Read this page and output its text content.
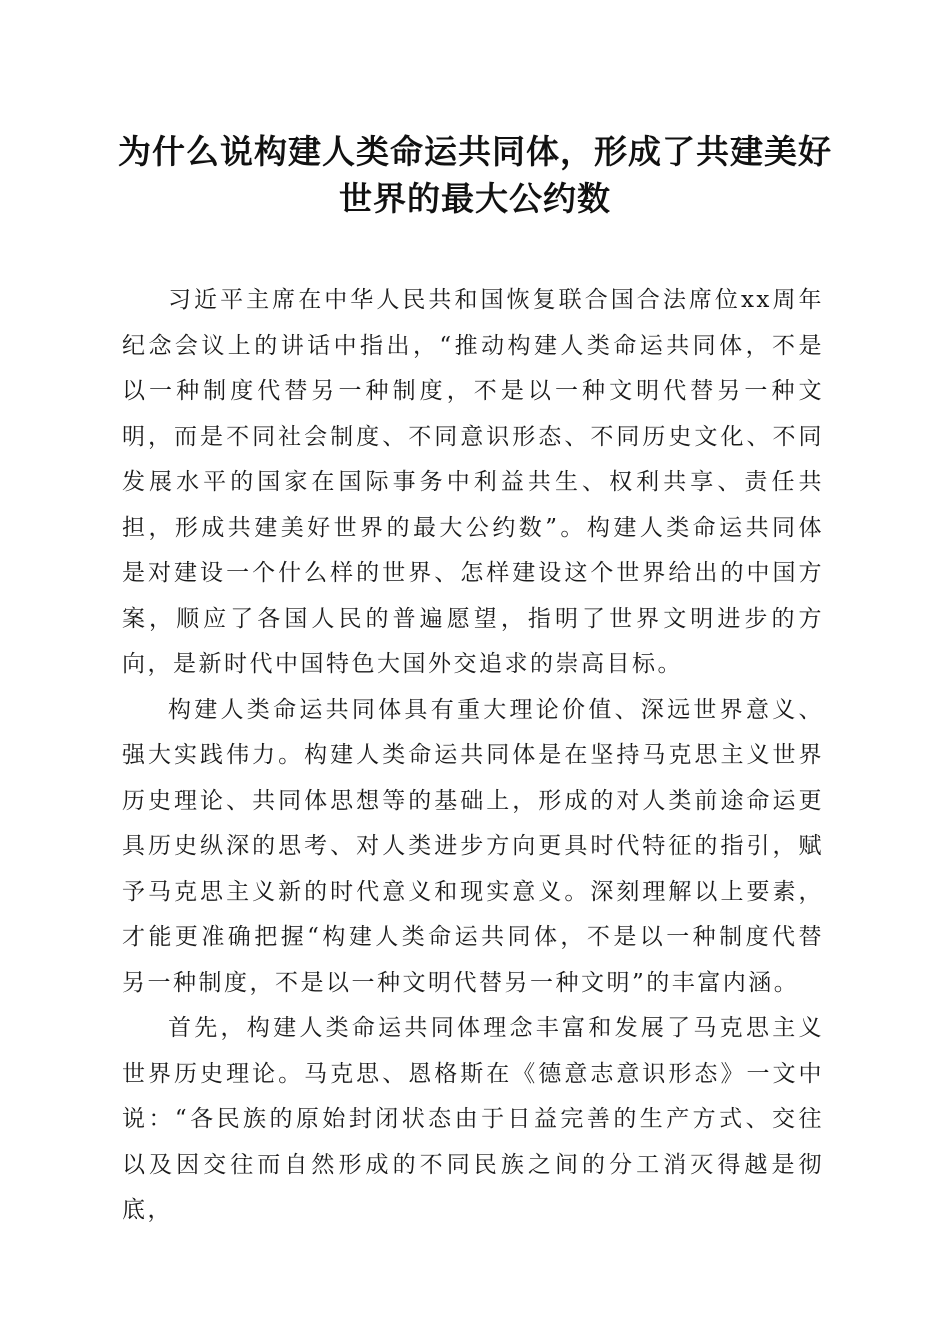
为什么说构建人类命运共同体，形成了共建美好世界的最大公约数

习近平主席在中华人民共和国恢复联合国合法席位xx周年纪念会议上的讲话中指出，“推动构建人类命运共同体，不是以一种制度代替另一种制度，不是以一种文明代替另一种文明，而是不同社会制度、不同意识形态、不同历史文化、不同发展水平的国家在国际事务中利益共生、权利共享、责任共担，形成共建美好世界的最大公约数”。构建人类命运共同体是对建设一个什么样的世界、怎样建设这个世界给出的中国方案，顺应了各国人民的普遍愿望，指明了世界文明进步的方向，是新时代中国特色大国外交追求的崇高目标。

构建人类命运共同体具有重大理论价值、深远世界意义、强大实践伟力。构建人类命运共同体是在坚持马克思主义世界历史理论、共同体思想等的基础上，形成的对人类前途命运更具历史纵深的思考、对人类进步方向更具时代特征的指引，赋予马克思主义新的时代意义和现实意义。深刻理解以上要素，才能更准确把握“构建人类命运共同体，不是以一种制度代替另一种制度，不是以一种文明代替另一种文明”的丰富内涵。

首先，构建人类命运共同体理念丰富和发展了马克思主义世界历史理论。马克思、恩格斯在《德意志意识形态》一文中说：“各民族的原始封闭状态由于日益完善的生产方式、交往以及因交往而自然形成的不同民族之间的分工消灭得越是彻底，
